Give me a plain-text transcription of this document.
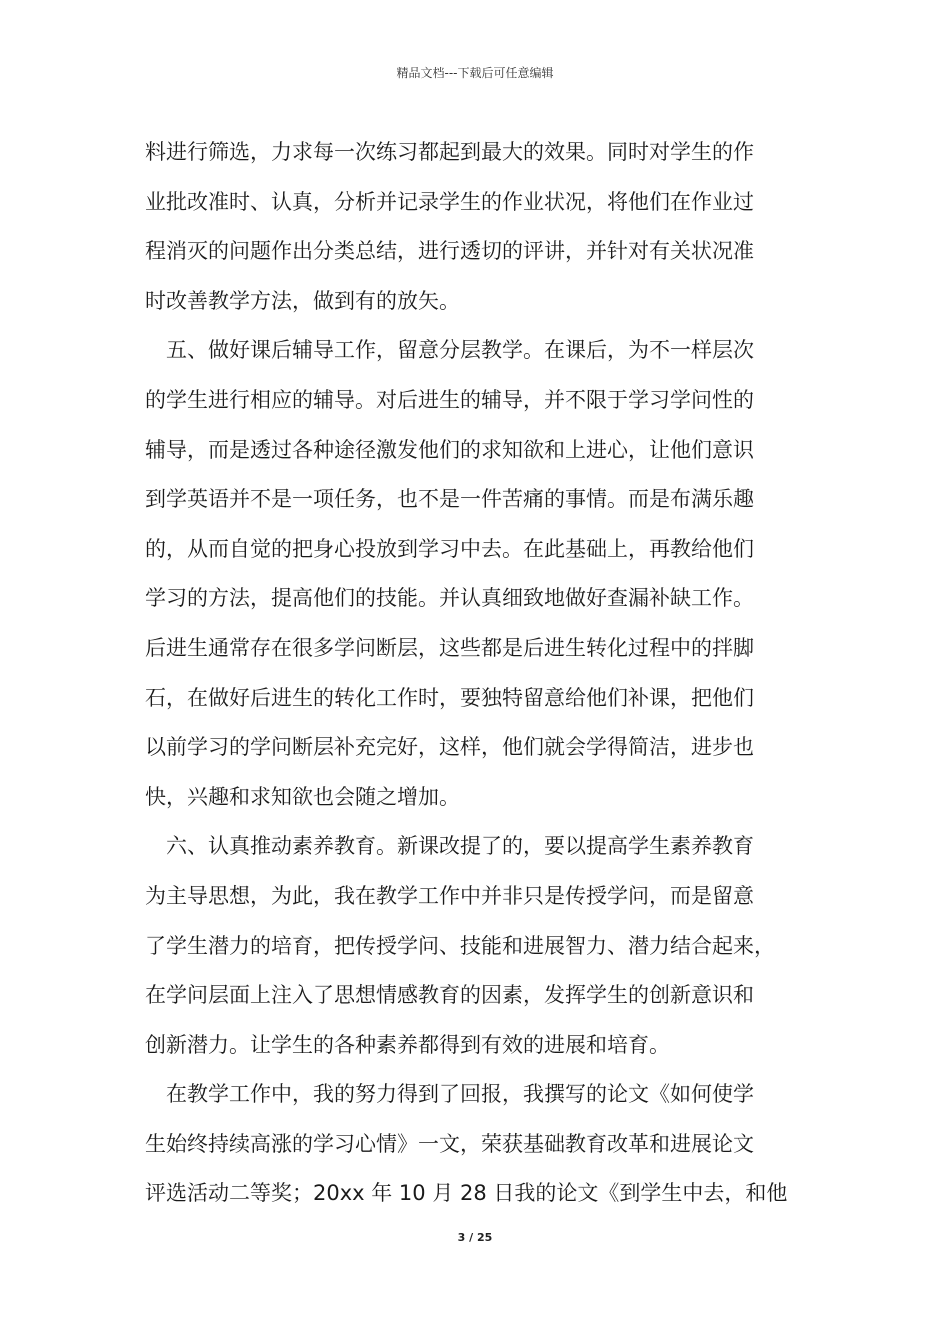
精品文档---下载后可任意编辑
料进行筛选，力求每一次练习都起到最大的效果。同时对学生的作
业批改准时、认真，分析并记录学生的作业状况，将他们在作业过
程消灭的问题作出分类总结，进行透切的评讲，并针对有关状况准
时改善教学方法，做到有的放矢。
五、做好课后辅导工作，留意分层教学。在课后，为不一样层次
的学生进行相应的辅导。对后进生的辅导，并不限于学习学问性的
辅导，而是透过各种途径激发他们的求知欲和上进心，让他们意识
到学英语并不是一项任务，也不是一件苦痛的事情。而是布满乐趣
的，从而自觉的把身心投放到学习中去。在此基础上，再教给他们
学习的方法，提高他们的技能。并认真细致地做好查漏补缺工作。
后进生通常存在很多学问断层，这些都是后进生转化过程中的拌脚
石，在做好后进生的转化工作时，要独特留意给他们补课，把他们
以前学习的学问断层补充完好，这样，他们就会学得简洁，进步也
快，兴趣和求知欲也会随之增加。
六、认真推动素养教育。新课改提了的，要以提高学生素养教育
为主导思想，为此，我在教学工作中并非只是传授学问，而是留意
了学生潜力的培育，把传授学问、技能和进展智力、潜力结合起来，
在学问层面上注入了思想情感教育的因素，发挥学生的创新意识和
创新潜力。让学生的各种素养都得到有效的进展和培育。
在教学工作中，我的努力得到了回报，我撰写的论文《如何使学
生始终持续高涨的学习心情》一文，荣获基础教育改革和进展论文
评选活动二等奖；20xx 年 10 月 28 日我的论文《到学生中去，和他
3 / 25
